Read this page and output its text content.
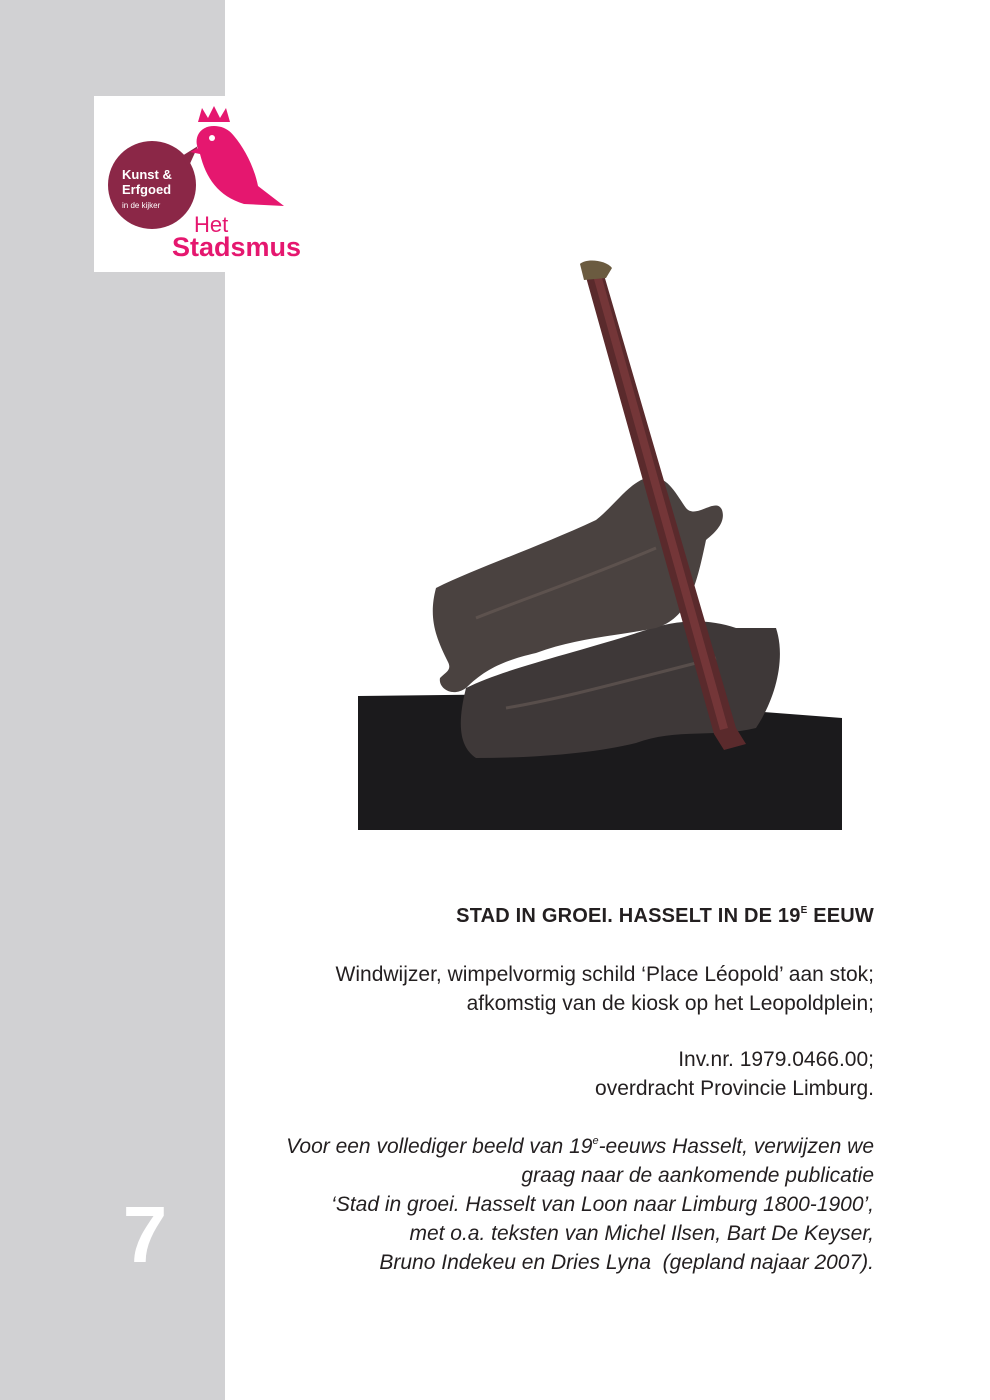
Kunst &
Erfgoed
in de kijker
Het
Stadsmus
7
STAD IN GROEI. HASSELT IN DE $19^E$ EEUW
Windwijzer, wimpelvormig schild ‘Place Léopold’ aan stok;
afkomstig van de kiosk op het Leopoldplein;
Inv.nr. 1979.0466.00;
overdracht Provincie Limburg.
Voor een vollediger beeld van 19e-eeuws Hasselt, verwijzen we
graag naar de aankomende publicatie
‘Stad in groei. Hasselt van Loon naar Limburg 1800-1900’,
met o.a. teksten van Michel Ilsen, Bart De Keyser,
Bruno Indekeu en Dries Lyna  (gepland najaar 2007).
